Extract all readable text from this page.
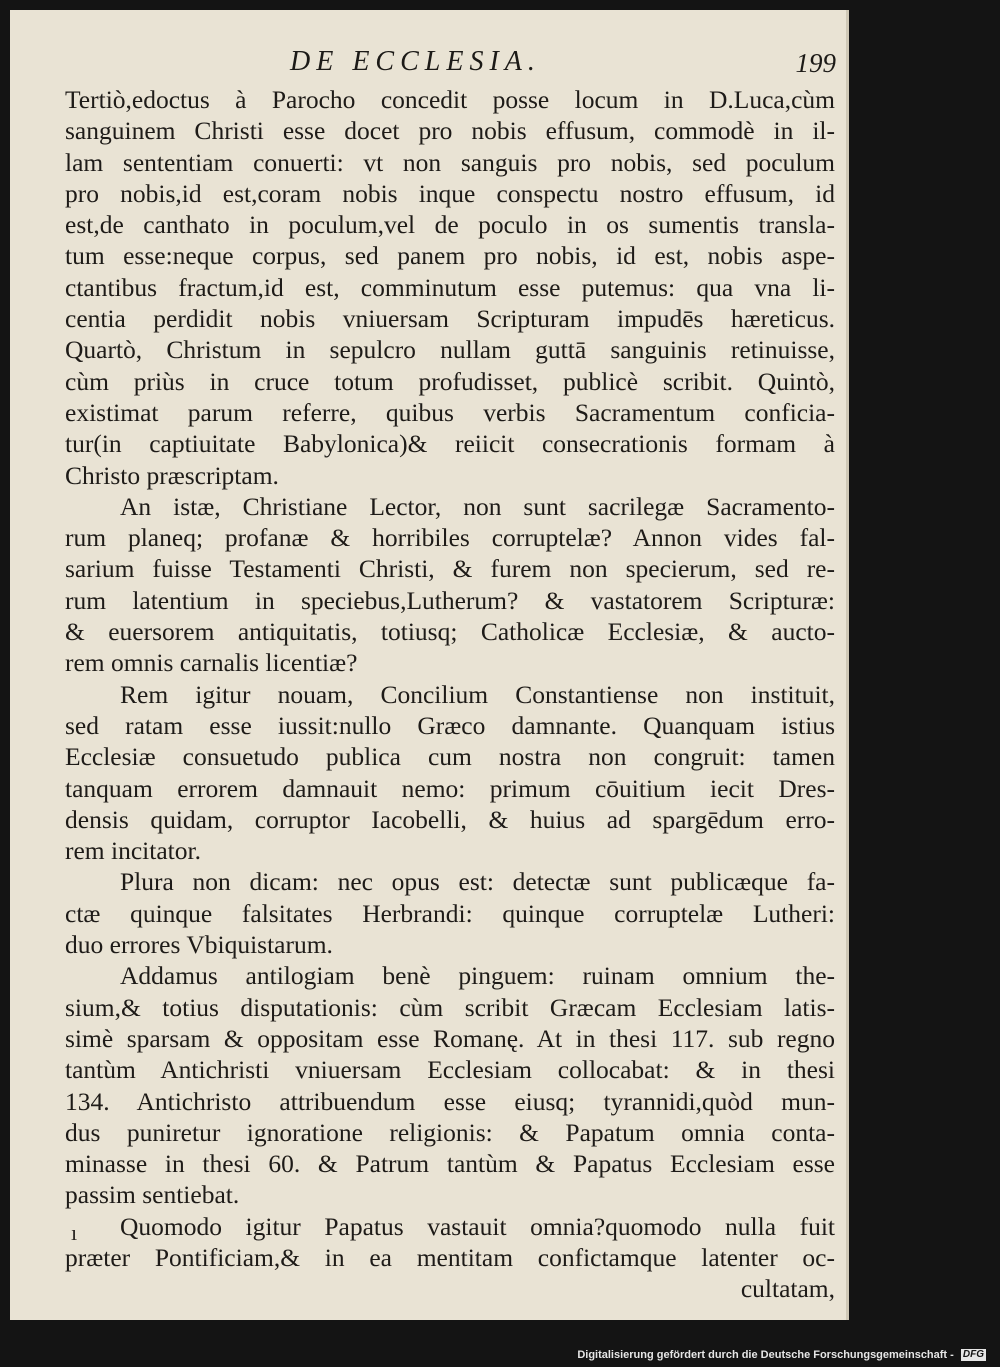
DE ECCLESIA.	199
Tertiò,edoctus à Parocho concedit posse locum in D.Luca,cùm
sanguinem Christi esse docet pro nobis effusum, commodè in il-
lam sententiam conuerti: vt non sanguis pro nobis, sed poculum
pro nobis,id est,coram nobis inque conspectu nostro effusum, id
est,de canthato in poculum,vel de poculo in os sumentis transla-
tum esse:neque corpus, sed panem pro nobis, id est, nobis aspe-
ctantibus fractum,id est, comminutum esse putemus: qua vna li-
centia perdidit nobis vniuersam Scripturam impudēs hæreticus.
Quartò, Christum in sepulcro nullam guttā sanguinis retinuisse,
cùm priùs in cruce totum profudisset, publicè scribit. Quintò,
existimat parum referre, quibus verbis Sacramentum conficia-
tur(in captiuitate Babylonica)& reiicit consecrationis formam à
Christo præscriptam.
An istæ, Christiane Lector, non sunt sacrilegæ Sacramento-
rum planeq; profanæ & horribiles corruptelæ? Annon vides fal-
sarium fuisse Testamenti Christi, & furem non specierum, sed re-
rum latentium in speciebus,Lutherum? & vastatorem Scripturæ:
& euersorem antiquitatis, totiusq; Catholicæ Ecclesiæ, & aucto-
rem omnis carnalis licentiæ?
Rem igitur nouam, Concilium Constantiense non instituit,
sed ratam esse iussit:nullo Græco damnante. Quanquam istius
Ecclesiæ consuetudo publica cum nostra non congruit: tamen
tanquam errorem damnauit nemo: primum cōuitium iecit Dres-
densis quidam, corruptor Iacobelli, & huius ad spargēdum erro-
rem incitator.
Plura non dicam: nec opus est: detectæ sunt publicæque fa-
ctæ quinque falsitates Herbrandi: quinque corruptelæ Lutheri:
duo errores Vbiquistarum.
Addamus antilogiam benè pinguem: ruinam omnium the-
sium,& totius disputationis: cùm scribit Græcam Ecclesiam latis-
simè sparsam & oppositam esse Romanę. At in thesi 117. sub regno
tantùm Antichristi vniuersam Ecclesiam collocabat: & in thesi
134. Antichristo attribuendum esse eiusq; tyrannidi,quòd mun-
dus puniretur ignoratione religionis: & Papatum omnia conta-
minasse in thesi 60. & Patrum tantùm & Papatus Ecclesiam esse
passim sentiebat.
Quomodo igitur Papatus vastauit omnia?quomodo nulla fuit
præter Pontificiam,& in ea mentitam confictamque latenter oc-
cultatam,
ı
Digitalisierung gefördert durch die Deutsche Forschungsgemeinschaft - DFG
